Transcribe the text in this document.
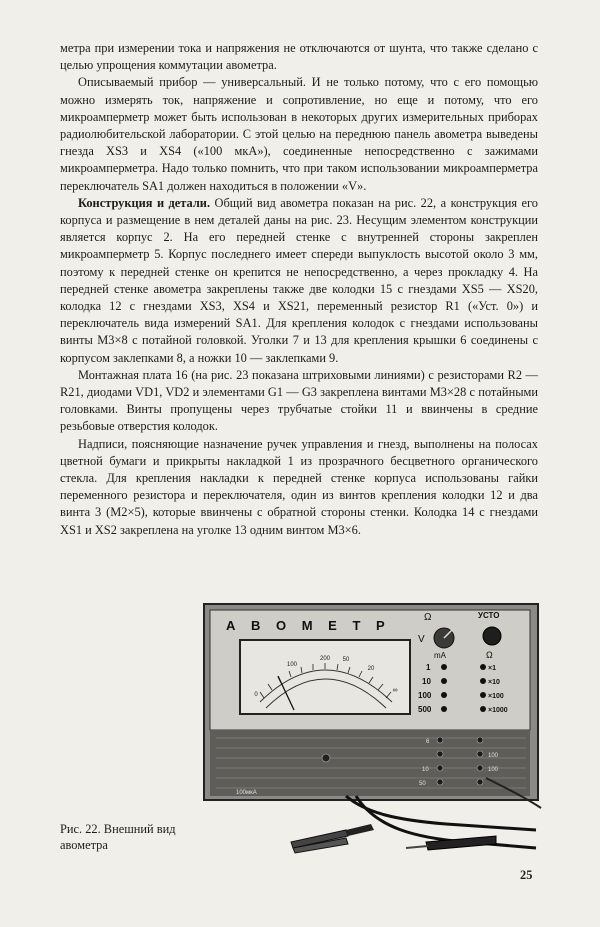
метра при измерении тока и напряжения не отключаются от шунта, что также сделано с целью упрощения коммутации авометра.

Описываемый прибор — универсальный. И не только потому, что с его помощью можно измерять ток, напряжение и сопротивление, но еще и потому, что его микроамперметр может быть использован в некоторых других измерительных приборах радиолюбительской лаборатории. С этой целью на переднюю панель авометра выведены гнезда XS3 и XS4 («100 мкА»), соединенные непосредственно с зажимами микроамперметра. Надо только помнить, что при таком использовании микроамперметра переключатель SA1 должен находиться в положении «V».

Конструкция и детали. Общий вид авометра показан на рис. 22, а конструкция его корпуса и размещение в нем деталей даны на рис. 23. Несущим элементом конструкции является корпус 2. На его передней стенке с внутренней стороны закреплен микроамперметр 5. Корпус последнего имеет спереди выпуклость высотой около 3 мм, поэтому к передней стенке он крепится не непосредственно, а через прокладку 4. На передней стенке авометра закреплены также две колодки 15 с гнездами XS5 — XS20, колодка 12 с гнездами XS3, XS4 и XS21, переменный резистор R1 («Уст. 0») и переключатель вида измерений SA1. Для крепления колодок с гнездами использованы винты М3×8 с потайной головкой. Уголки 7 и 13 для крепления крышки 6 соединены с корпусом заклепками 8, а ножки 10 — заклепками 9.

Монтажная плата 16 (на рис. 23 показана штриховыми линиями) с резисторами R2 — R21, диодами VD1, VD2 и элементами G1 — G3 закреплена винтами М3×28 с потайными головками. Винты пропущены через трубчатые стойки 11 и ввинчены в средние резьбовые отверстия колодок.

Надписи, поясняющие назначение ручек управления и гнезд, выполнены на полосах цветной бумаги и прикрыты накладкой 1 из прозрачного бесцветного органического стекла. Для крепления накладки к передней стенке корпуса использованы гайки переменного резистора и переключателя, один из винтов крепления колодки 12 и два винта 3 (М2×5), которые ввинчены с обратной стороны стенки. Колодка 14 с гнездами XS1 и XS2 закреплена на уголке 13 одним винтом М3×6.

А В О М Е Т Р
200 50
20
100
∞
0
Ω
V
mA
УСТО
1
10
100
500
Ω
×1
×10
×100
×1000
6
10
50
100
100
100мкА
Рис. 22. Внешний вид авометра
25
